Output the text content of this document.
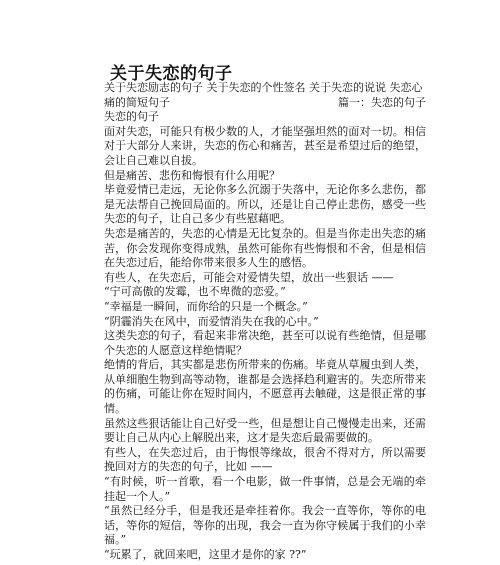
关于失恋的句子

关于失恋励志的句子 关于失恋的个性签名 关于失恋的说说 失恋心

痛的简短句子	篇一：失恋的句子

失恋的句子

面对失恋，可能只有极少数的人，才能坚强坦然的面对一切。相信对于大部分人来讲，失恋的伤心和痛苦，甚至是希望过后的绝望，会让自己难以自拔。

但是痛苦、悲伤和悔恨有什么用呢？

毕竟爱情已走远，无论你多么沉溺于失落中，无论你多么悲伤，都是无法帮自己挽回局面的。所以，还是让自己停止悲伤，感受一些失恋的句子，让自己多少有些慰藉吧。

失恋是痛苦的，失恋的心情是无比复杂的。但是当你走出失恋的痛苦，你会发现你变得成熟，虽然可能你有些悔恨和不舍，但是相信在失恋过后，能给你带来很多人生的感悟。

有些人，在失恋后，可能会对爱情失望，放出一些狠话 ——

“宁可高傲的发霉，也不卑微的恋爱。”

“幸福是一瞬间，而你给的只是一个概念。”

“阴霾消失在风中，而爱情消失在我的心中。”

这类失恋的句子，看起来非常决绝，甚至可以说有些绝情，但是哪个失恋的人愿意这样绝情呢？

绝情的背后，其实都是悲伤所带来的伤痛。毕竟从草履虫到人类，从单细胞生物到高等动物，谁都是会选择趋利避害的。失恋所带来的伤痛，可能让你在短时间内，不愿意再去触碰，这是很正常的事情。

虽然这些狠话能让自己好受一些，但是想让自己慢慢走出来，还需要让自己从内心上解脱出来，这才是失恋后最需要做的。

有些人，在失恋过后，由于悔恨等缘故，很舍不得对方，所以需要挽回对方的失恋的句子，比如 ——

“有时候，听一首歌，看一个电影，做一件事情，总是会无端的牵挂起一个人。”

“虽然已经分手，但是我还是牵挂着你。我会一直等你，等你的电话，等你的短信，等你的出现，我会一直为你守候属于我们的小幸福。”

“玩累了，就回来吧，这里才是你的家 ??”
